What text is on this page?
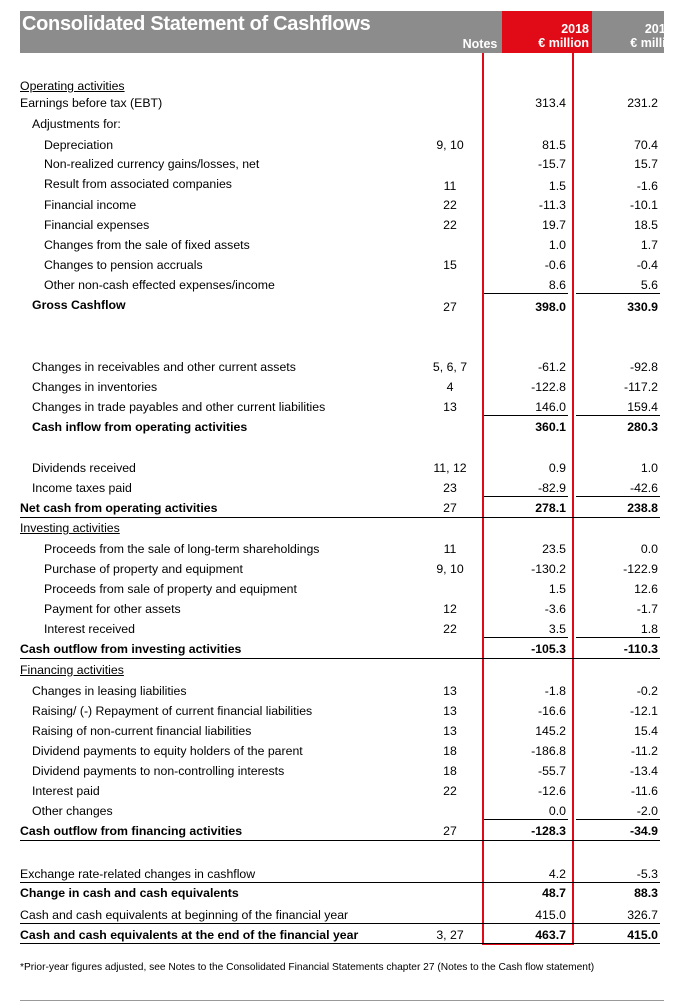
Consolidated Statement of Cashflows
Notes
2018
€ million
2017 *
€ million
Operating activities
Earnings before tax (EBT)	313.4	231.2
Adjustments for:
Depreciation	9, 10	81.5	70.4
Non-realized currency gains/losses, net	-15.7	15.7
Result from associated companies	11	1.5	-1.6
Financial income	22	-11.3	-10.1
Financial expenses	22	19.7	18.5
Changes from the sale of fixed assets	1.0	1.7
Changes to pension accruals	15	-0.6	-0.4
Other non-cash effected expenses/income	8.6	5.6
Gross Cashflow	27	398.0	330.9
Changes in receivables and other current assets	5, 6, 7	-61.2	-92.8
Changes in inventories	4	-122.8	-117.2
Changes in trade payables and other current liabilities	13	146.0	159.4
Cash inflow from operating activities	360.1	280.3
Dividends received	11, 12	0.9	1.0
Income taxes paid	23	-82.9	-42.6
Net cash from operating activities	27	278.1	238.8
Investing activities
Proceeds from the sale of long-term shareholdings	11	23.5	0.0
Purchase of property and equipment	9, 10	-130.2	-122.9
Proceeds from sale of property and equipment	1.5	12.6
Payment for other assets	12	-3.6	-1.7
Interest received	22	3.5	1.8
Cash outflow from investing activities	-105.3	-110.3
Financing activities
Changes in leasing liabilities	13	-1.8	-0.2
Raising/ (-) Repayment of current financial liabilities	13	-16.6	-12.1
Raising of non-current financial liabilities	13	145.2	15.4
Dividend payments to equity holders of the parent	18	-186.8	-11.2
Dividend payments to non-controlling interests	18	-55.7	-13.4
Interest paid	22	-12.6	-11.6
Other changes	0.0	-2.0
Cash outflow from financing activities	27	-128.3	-34.9
Exchange rate-related changes in cashflow	4.2	-5.3
Change in cash and cash equivalents	48.7	88.3
Cash and cash equivalents at beginning of the financial year	415.0	326.7
Cash and cash equivalents at the end of the financial year	3, 27	463.7	415.0
*Prior-year figures adjusted, see Notes to the Consolidated Financial Statements chapter 27 (Notes to the Cash flow statement)
